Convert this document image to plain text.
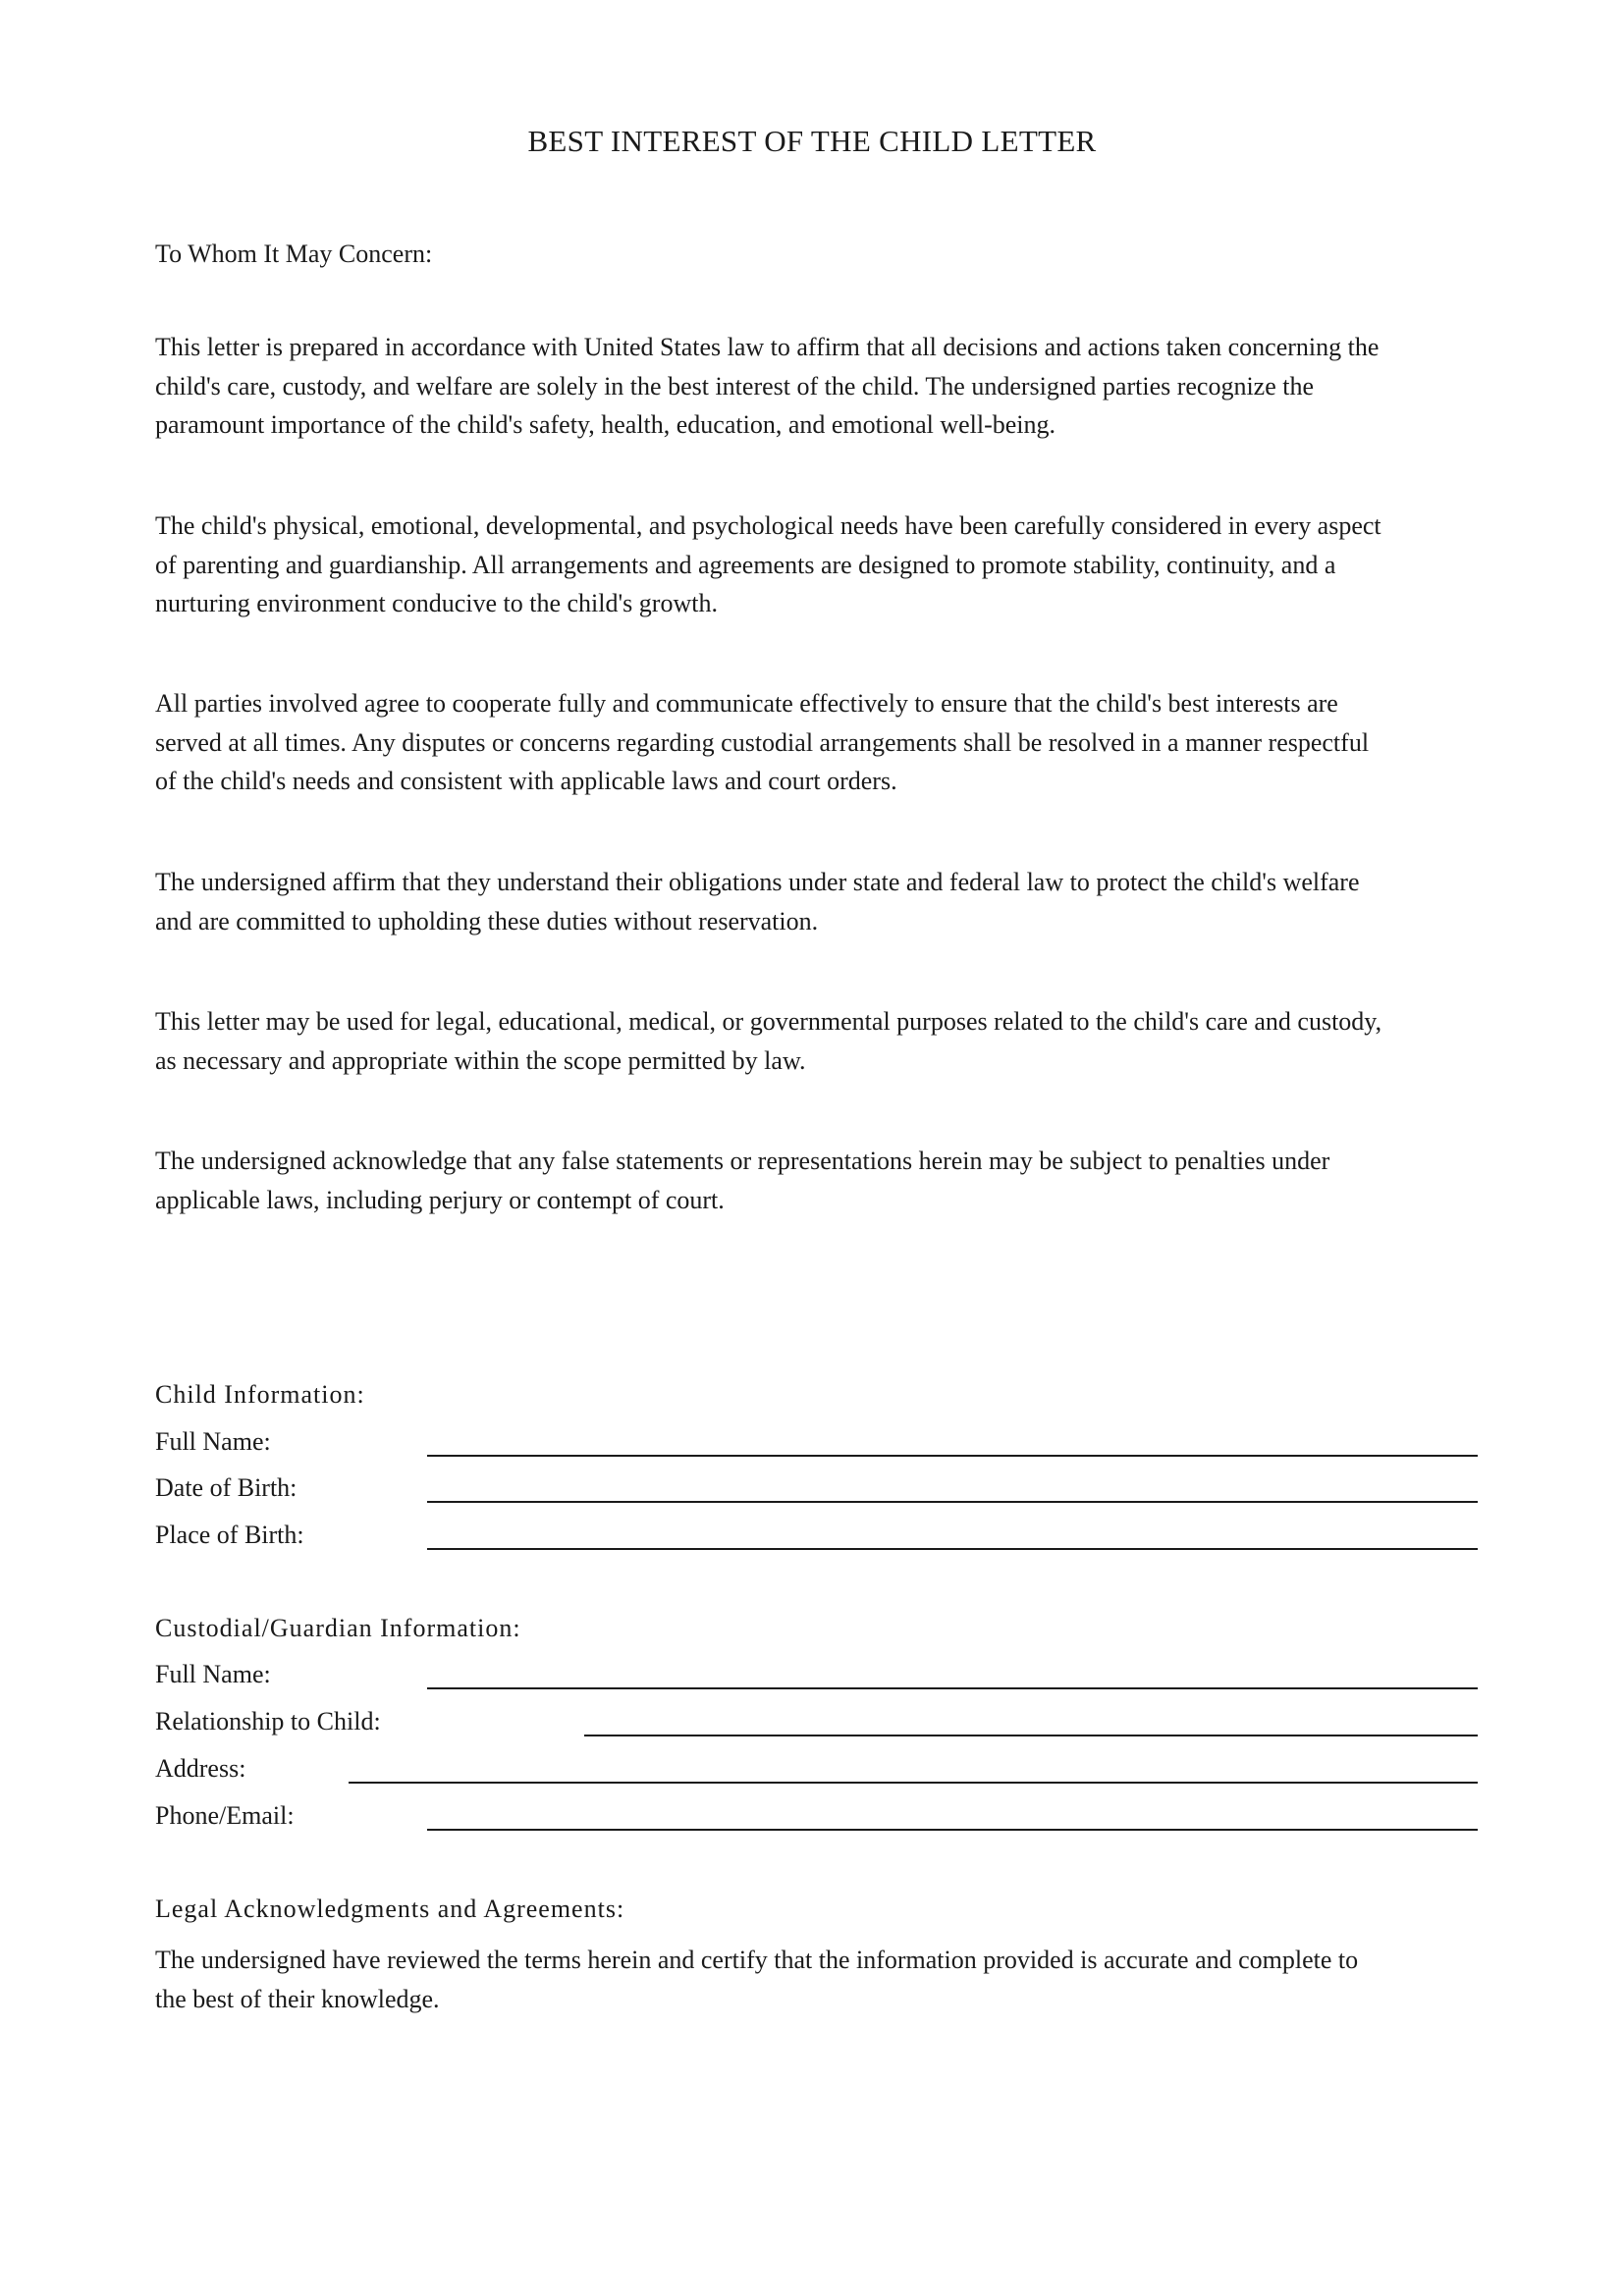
BEST INTEREST OF THE CHILD LETTER

To Whom It May Concern:

This letter is prepared in accordance with United States law to affirm that all decisions and actions taken concerning the
child's care, custody, and welfare are solely in the best interest of the child. The undersigned parties recognize the
paramount importance of the child's safety, health, education, and emotional well-being.

The child's physical, emotional, developmental, and psychological needs have been carefully considered in every aspect
of parenting and guardianship. All arrangements and agreements are designed to promote stability, continuity, and a
nurturing environment conducive to the child's growth.

All parties involved agree to cooperate fully and communicate effectively to ensure that the child's best interests are
served at all times. Any disputes or concerns regarding custodial arrangements shall be resolved in a manner respectful
of the child's needs and consistent with applicable laws and court orders.

The undersigned affirm that they understand their obligations under state and federal law to protect the child's welfare
and are committed to upholding these duties without reservation.

This letter may be used for legal, educational, medical, or governmental purposes related to the child's care and custody,
as necessary and appropriate within the scope permitted by law.

The undersigned acknowledge that any false statements or representations herein may be subject to penalties under
applicable laws, including perjury or contempt of court.

Child Information:
Full Name:
Date of Birth:
Place of Birth:
Custodial/Guardian Information:
Full Name:
Relationship to Child:
Address:
Phone/Email:
Legal Acknowledgments and Agreements:

The undersigned have reviewed the terms herein and certify that the information provided is accurate and complete to
the best of their knowledge.
